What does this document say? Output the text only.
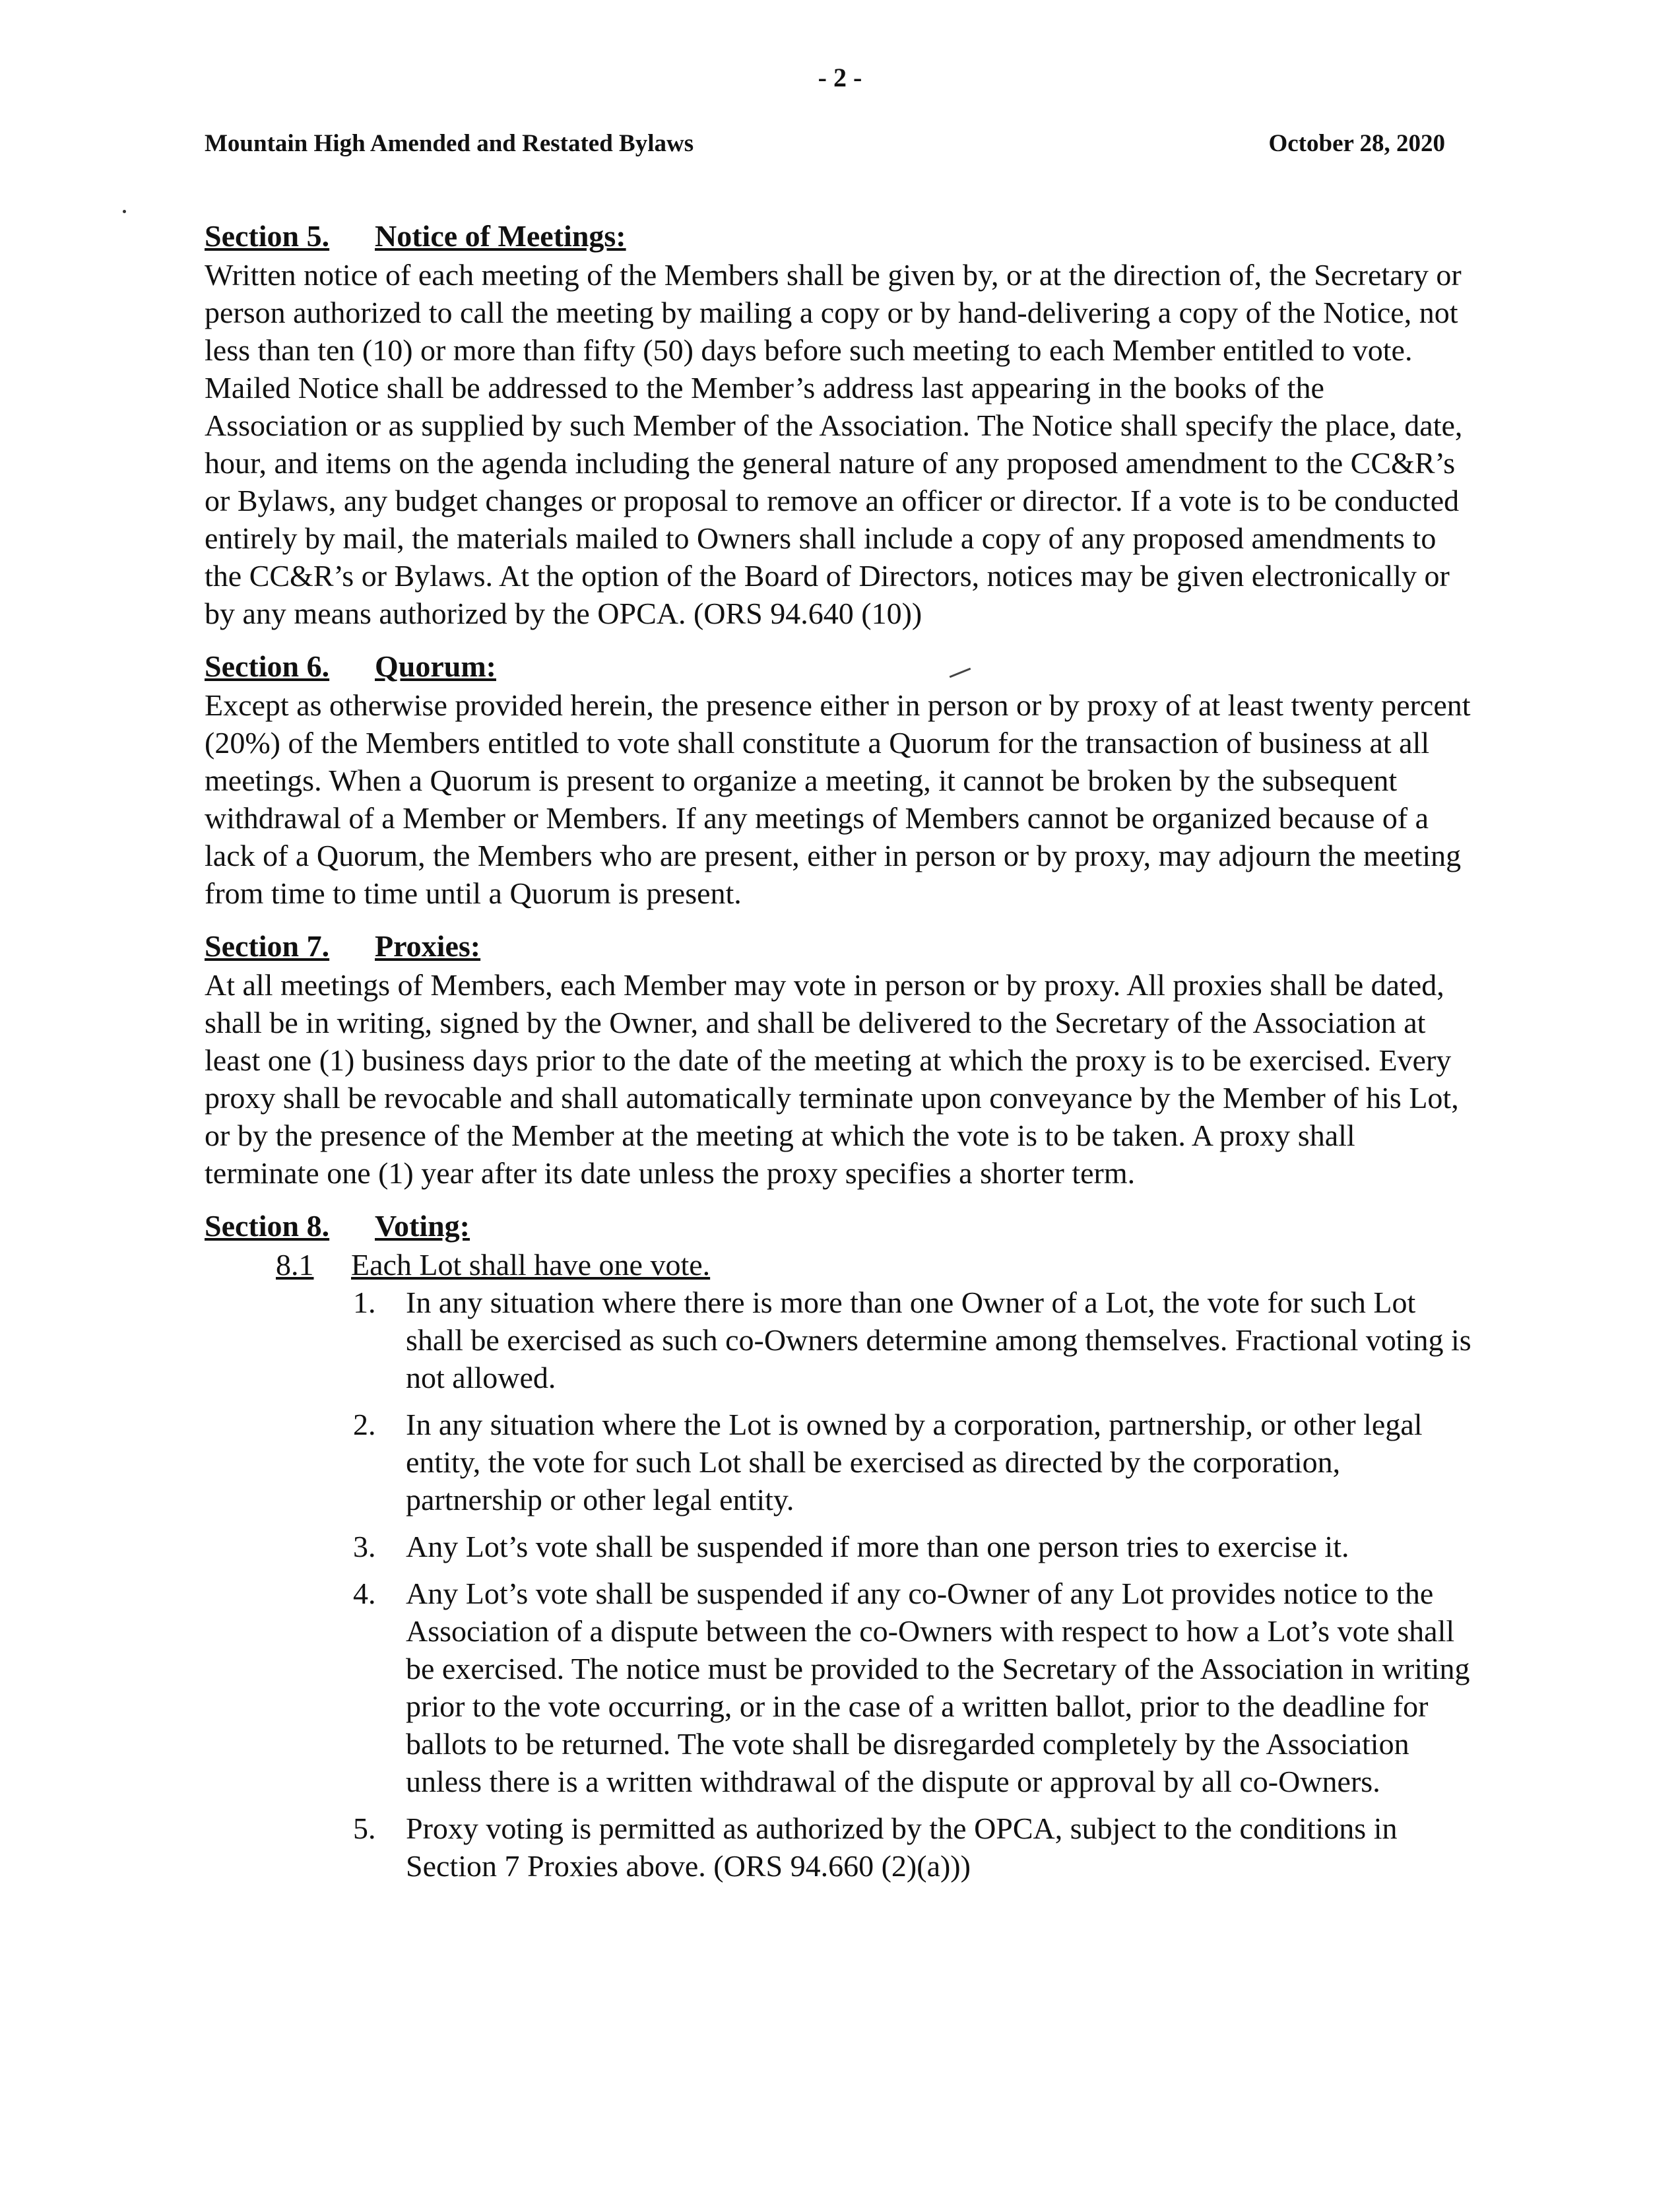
- 2 -
Mountain High Amended and Restated Bylaws	October 28, 2020
Section 5. Notice of Meetings:

Written notice of each meeting of the Members shall be given by, or at the direction of, the Secretary or person authorized to call the meeting by mailing a copy or by hand-delivering a copy of the Notice, not less than ten (10) or more than fifty (50) days before such meeting to each Member entitled to vote. Mailed Notice shall be addressed to the Member’s address last appearing in the books of the Association or as supplied by such Member of the Association. The Notice shall specify the place, date, hour, and items on the agenda including the general nature of any proposed amendment to the CC&R’s or Bylaws, any budget changes or proposal to remove an officer or director. If a vote is to be conducted entirely by mail, the materials mailed to Owners shall include a copy of any proposed amendments to the CC&R’s or Bylaws. At the option of the Board of Directors, notices may be given electronically or by any means authorized by the OPCA. (ORS 94.640 (10))

Section 6. Quorum:

Except as otherwise provided herein, the presence either in person or by proxy of at least twenty percent (20%) of the Members entitled to vote shall constitute a Quorum for the transaction of business at all meetings. When a Quorum is present to organize a meeting, it cannot be broken by the subsequent withdrawal of a Member or Members. If any meetings of Members cannot be organized because of a lack of a Quorum, the Members who are present, either in person or by proxy, may adjourn the meeting from time to time until a Quorum is present.

Section 7. Proxies:

At all meetings of Members, each Member may vote in person or by proxy. All proxies shall be dated, shall be in writing, signed by the Owner, and shall be delivered to the Secretary of the Association at least one (1) business days prior to the date of the meeting at which the proxy is to be exercised. Every proxy shall be revocable and shall automatically terminate upon conveyance by the Member of his Lot, or by the presence of the Member at the meeting at which the vote is to be taken. A proxy shall terminate one (1) year after its date unless the proxy specifies a shorter term.

Section 8. Voting:
8.1 Each Lot shall have one vote.
1. In any situation where there is more than one Owner of a Lot, the vote for such Lot shall be exercised as such co-Owners determine among themselves. Fractional voting is not allowed.
2. In any situation where the Lot is owned by a corporation, partnership, or other legal entity, the vote for such Lot shall be exercised as directed by the corporation, partnership or other legal entity.
3. Any Lot’s vote shall be suspended if more than one person tries to exercise it.
4. Any Lot’s vote shall be suspended if any co-Owner of any Lot provides notice to the Association of a dispute between the co-Owners with respect to how a Lot’s vote shall be exercised. The notice must be provided to the Secretary of the Association in writing prior to the vote occurring, or in the case of a written ballot, prior to the deadline for ballots to be returned. The vote shall be disregarded completely by the Association unless there is a written withdrawal of the dispute or approval by all co-Owners.
5. Proxy voting is permitted as authorized by the OPCA, subject to the conditions in Section 7 Proxies above. (ORS 94.660 (2)(a)))
